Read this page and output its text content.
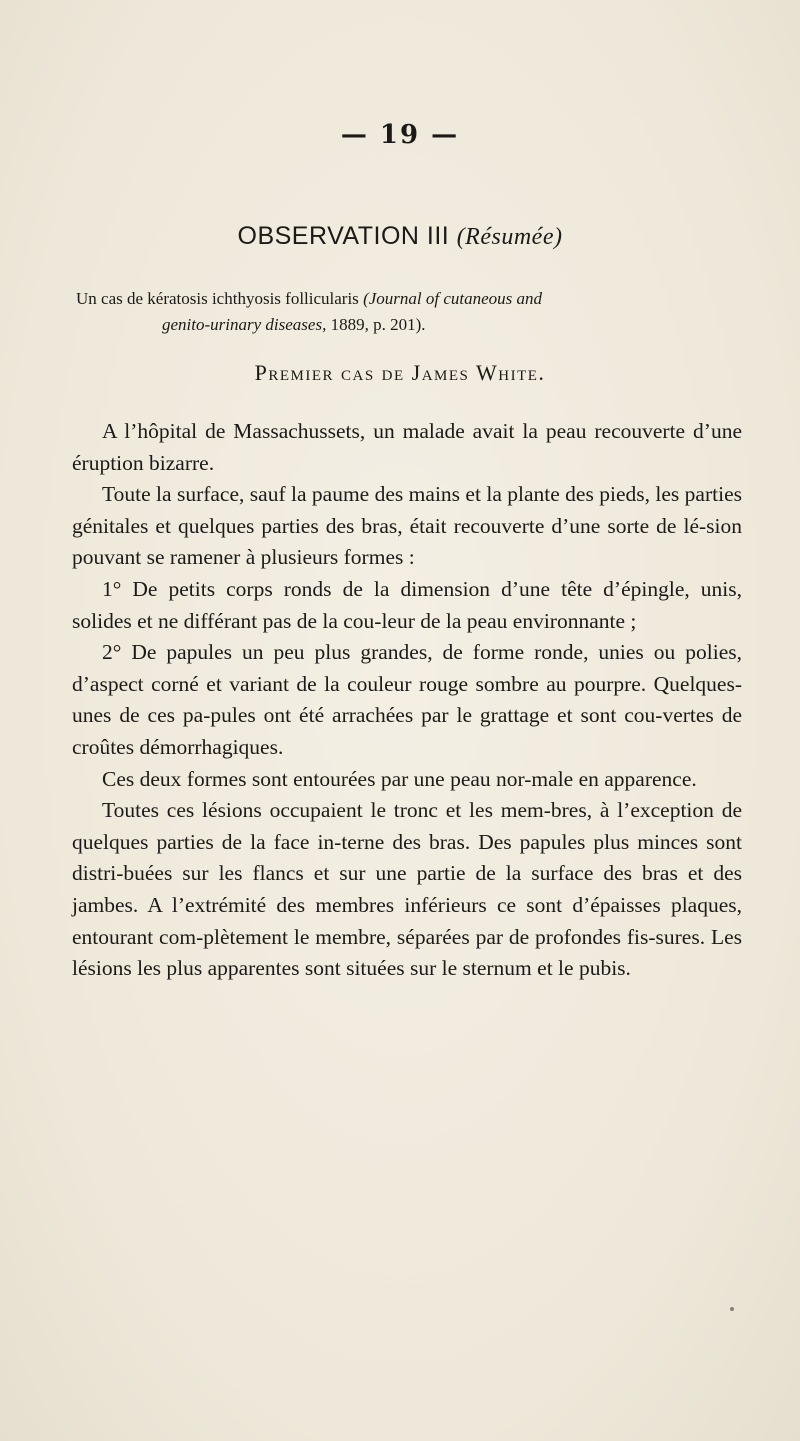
— 19 —
OBSERVATION III (Résumée)
Un cas de kératosis ichthyosis follicularis (Journal of cutaneous and
genito-urinary diseases, 1889, p. 201).
Premier cas de James White.

A l’hôpital de Massachussets, un malade avait la peau recouverte d’une éruption bizarre.

Toute la surface, sauf la paume des mains et la plante des pieds, les parties génitales et quelques parties des bras, était recouverte d’une sorte de lé-sion pouvant se ramener à plusieurs formes :

1° De petits corps ronds de la dimension d’une tête d’épingle, unis, solides et ne différant pas de la cou-leur de la peau environnante ;

2° De papules un peu plus grandes, de forme ronde, unies ou polies, d’aspect corné et variant de la couleur rouge sombre au pourpre. Quelques-unes de ces pa-pules ont été arrachées par le grattage et sont cou-vertes de croûtes démorrhagiques.

Ces deux formes sont entourées par une peau nor-male en apparence.

Toutes ces lésions occupaient le tronc et les mem-bres, à l’exception de quelques parties de la face in-terne des bras. Des papules plus minces sont distri-buées sur les flancs et sur une partie de la surface des bras et des jambes. A l’extrémité des membres inférieurs ce sont d’épaisses plaques, entourant com-plètement le membre, séparées par de profondes fis-sures. Les lésions les plus apparentes sont situées sur le sternum et le pubis.
